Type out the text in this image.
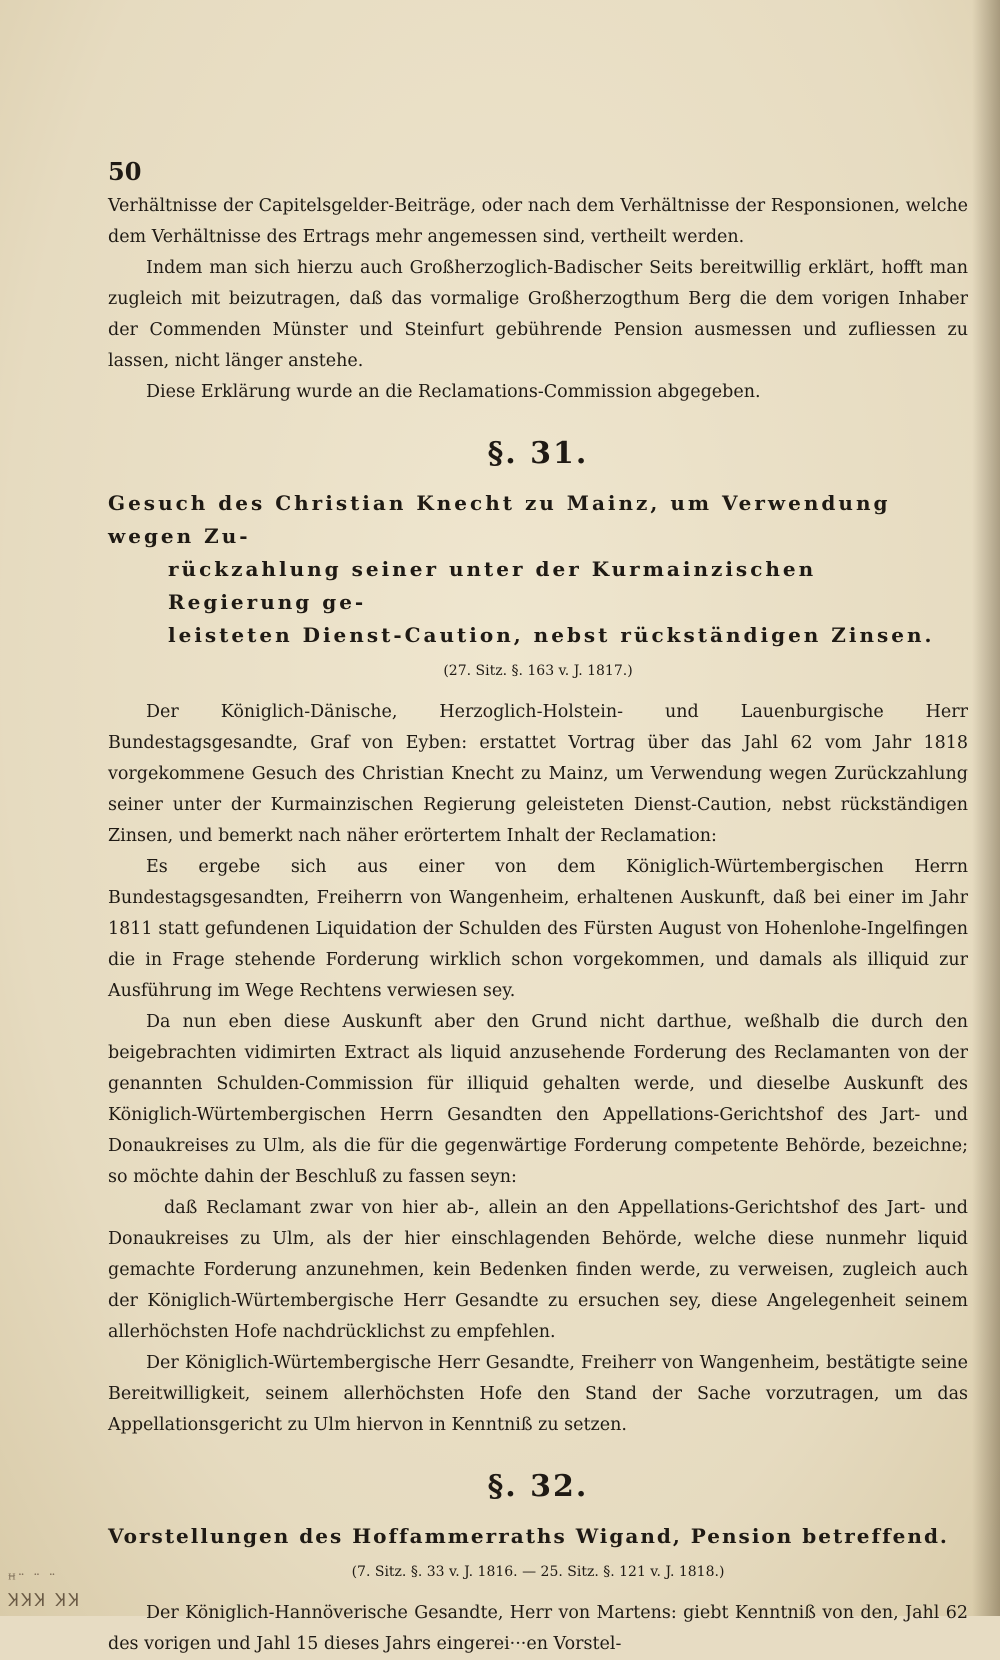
50

Verhältnisse der Capitelsgelder-Beiträge, oder nach dem Verhältnisse der Responsionen, welche dem Verhältnisse des Ertrags mehr angemessen sind, vertheilt werden.

Indem man sich hierzu auch Großherzoglich-Badischer Seits bereitwillig erklärt, hofft man zugleich mit beizutragen, daß das vormalige Großherzogthum Berg die dem vorigen Inhaber der Commenden Münster und Steinfurt gebührende Pension ausmessen und zufliessen zu lassen, nicht länger anstehe.

Diese Erklärung wurde an die Reclamations-Commission abgegeben.

§. 31.
Gesuch des Christian Knecht zu Mainz, um Verwendung wegen Zu-
rückzahlung seiner unter der Kurmainzischen Regierung ge-
leisteten Dienst-Caution, nebst rückständigen Zinsen.
(27. Sitz. §. 163 v. J. 1817.)

Der Königlich-Dänische, Herzoglich-Holstein- und Lauenburgische Herr Bundestagsgesandte, Graf von Eyben: erstattet Vortrag über das Jahl 62 vom Jahr 1818 vorgekommene Gesuch des Christian Knecht zu Mainz, um Verwendung wegen Zurückzahlung seiner unter der Kurmainzischen Regierung geleisteten Dienst-Caution, nebst rückständigen Zinsen, und bemerkt nach näher erörtertem Inhalt der Reclamation:

Es ergebe sich aus einer von dem Königlich-Würtembergischen Herrn Bundestagsgesandten, Freiherrn von Wangenheim, erhaltenen Auskunft, daß bei einer im Jahr 1811 statt gefundenen Liquidation der Schulden des Fürsten August von Hohenlohe-Ingelfingen die in Frage stehende Forderung wirklich schon vorgekommen, und damals als illiquid zur Ausführung im Wege Rechtens verwiesen sey.

Da nun eben diese Auskunft aber den Grund nicht darthue, weßhalb die durch den beigebrachten vidimirten Extract als liquid anzusehende Forderung des Reclamanten von der genannten Schulden-Commission für illiquid gehalten werde, und dieselbe Auskunft des Königlich-Würtembergischen Herrn Gesandten den Appellations-Gerichtshof des Jart- und Donaukreises zu Ulm, als die für die gegenwärtige Forderung competente Behörde, bezeichne; so möchte dahin der Beschluß zu fassen seyn:

daß Reclamant zwar von hier ab-, allein an den Appellations-Gerichtshof des Jart- und Donaukreises zu Ulm, als der hier einschlagenden Behörde, welche diese nunmehr liquid gemachte Forderung anzunehmen, kein Bedenken finden werde, zu verweisen, zugleich auch der Königlich-Würtembergische Herr Gesandte zu ersuchen sey, diese Angelegenheit seinem allerhöchsten Hofe nachdrücklichst zu empfehlen.

Der Königlich-Würtembergische Herr Gesandte, Freiherr von Wangenheim, bestätigte seine Bereitwilligkeit, seinem allerhöchsten Hofe den Stand der Sache vorzutragen, um das Appellationsgericht zu Ulm hiervon in Kenntniß zu setzen.

§. 32.
Vorstellungen des Hoffammerraths Wigand, Pension betreffend.
(7. Sitz. §. 33 v. J. 1816. — 25. Sitz. §. 121 v. J. 1818.)

Der Königlich-Hannöverische Gesandte, Herr von Martens: giebt Kenntniß von den, Jahl 62 des vorigen und Jahl 15 dieses Jahrs eingerei···en Vorstel-

ꟸ¨ ¨ ¨
ꞰꞰꞰ ꞰꞰ
